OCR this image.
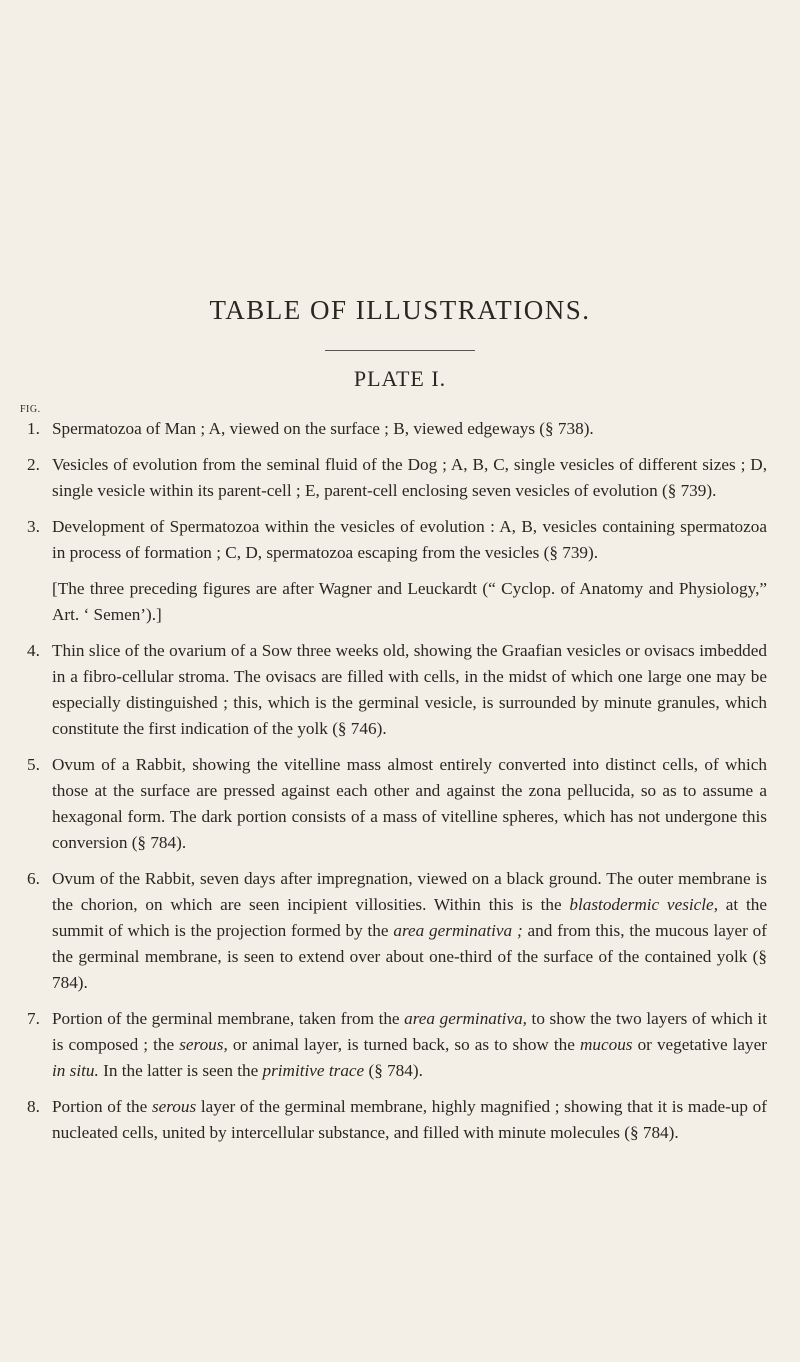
TABLE OF ILLUSTRATIONS.
PLATE I.
FIG.

1. Spermatozoa of Man ; A, viewed on the surface ; B, viewed edgeways (§ 738).

2. Vesicles of evolution from the seminal fluid of the Dog ; A, B, C, single vesicles of different sizes ; D, single vesicle within its parent-cell ; E, parent-cell enclosing seven vesicles of evolution (§ 739).

3. Development of Spermatozoa within the vesicles of evolution : A, B, vesicles containing spermatozoa in process of formation ; C, D, spermatozoa escaping from the vesicles (§ 739).

[The three preceding figures are after Wagner and Leuckardt (“ Cyclop. of Anatomy and Physiology,” Art. ‘ Semen’).]

4. Thin slice of the ovarium of a Sow three weeks old, showing the Graafian vesicles or ovisacs imbedded in a fibro-cellular stroma. The ovisacs are filled with cells, in the midst of which one large one may be especially distinguished ; this, which is the germinal vesicle, is surrounded by minute granules, which constitute the first indication of the yolk (§ 746).

5. Ovum of a Rabbit, showing the vitelline mass almost entirely converted into distinct cells, of which those at the surface are pressed against each other and against the zona pellucida, so as to assume a hexagonal form. The dark portion consists of a mass of vitelline spheres, which has not undergone this conversion (§ 784).

6. Ovum of the Rabbit, seven days after impregnation, viewed on a black ground. The outer membrane is the chorion, on which are seen incipient villosities. Within this is the blastodermic vesicle, at the summit of which is the projection formed by the area germinativa ; and from this, the mucous layer of the germinal membrane, is seen to extend over about one-third of the surface of the contained yolk (§ 784).

7. Portion of the germinal membrane, taken from the area germinativa, to show the two layers of which it is composed ; the serous, or animal layer, is turned back, so as to show the mucous or vegetative layer in situ. In the latter is seen the primitive trace (§ 784).

8. Portion of the serous layer of the germinal membrane, highly magnified ; showing that it is made-up of nucleated cells, united by intercellular substance, and filled with minute molecules (§ 784).
